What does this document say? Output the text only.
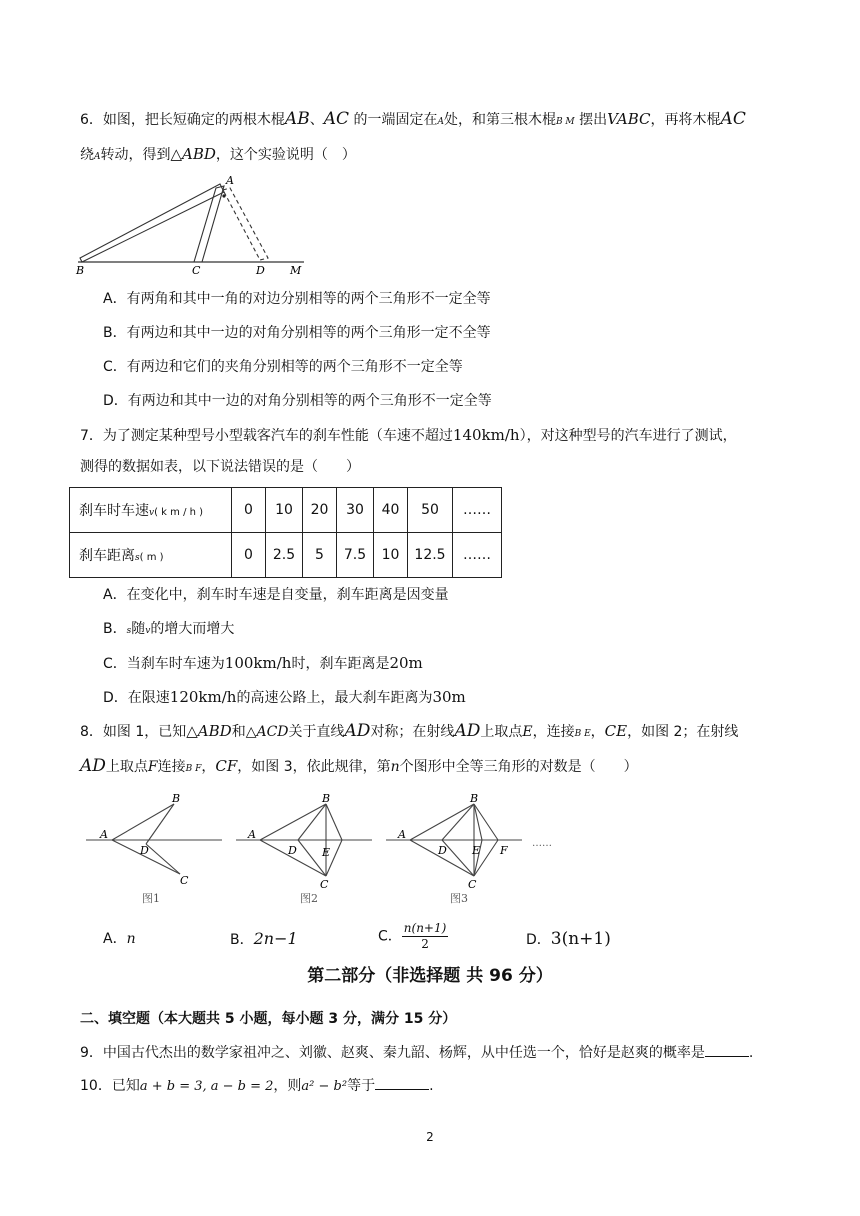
6．如图，把长短确定的两根木棍AB、AC 的一端固定在A处，和第三根木棍B M 摆出VABC，再将木棍AC
绕A转动，得到△ABD，这个实验说明（　）
A
B	C	D M
A．有两角和其中一角的对边分别相等的两个三角形不一定全等
B．有两边和其中一边的对角分别相等的两个三角形一定不全等
C．有两边和它们的夹角分别相等的两个三角形不一定全等
D．有两边和其中一边的对角分别相等的两个三角形不一定全等
7．为了测定某种型号小型载客汽车的刹车性能（车速不超过140km/h），对这种型号的汽车进行了测试，
测得的数据如表，以下说法错误的是（　　）
刹车时车速v( k m / h )	0	10	20	30	40	50	……
刹车距离s( m )	0	2.5	5	7.5	10	12.5	……
A．在变化中，刹车时车速是自变量，刹车距离是因变量
B．s随v的增大而增大
C．当刹车时车速为100km/h时，刹车距离是20m
D．在限速120km/h的高速公路上，最大刹车距离为30m
8．如图 1，已知△ABD和△ACD关于直线AD对称；在射线AD上取点E，连接B E，CE，如图 2；在射线
AD上取点F连接B F，CF，如图 3，依此规律，第n个图形中全等三角形的对数是（　　）
A
B
D
C
图1
A
B
D E
C
图2
A
B
D E F
C
图3
……
A．n	B．2n−1	C． $\frac{n(n+1)}{2}$	D．3(n+1)
第二部分（非选择题 共 96 分）
二、填空题（本大题共 5 小题，每小题 3 分，满分 15 分）
9．中国古代杰出的数学家祖冲之、刘徽、赵爽、秦九韶、杨辉，从中任选一个，恰好是赵爽的概率是	.
10．已知a + b = 3, a − b = 2，则a² − b²等于	.
2
